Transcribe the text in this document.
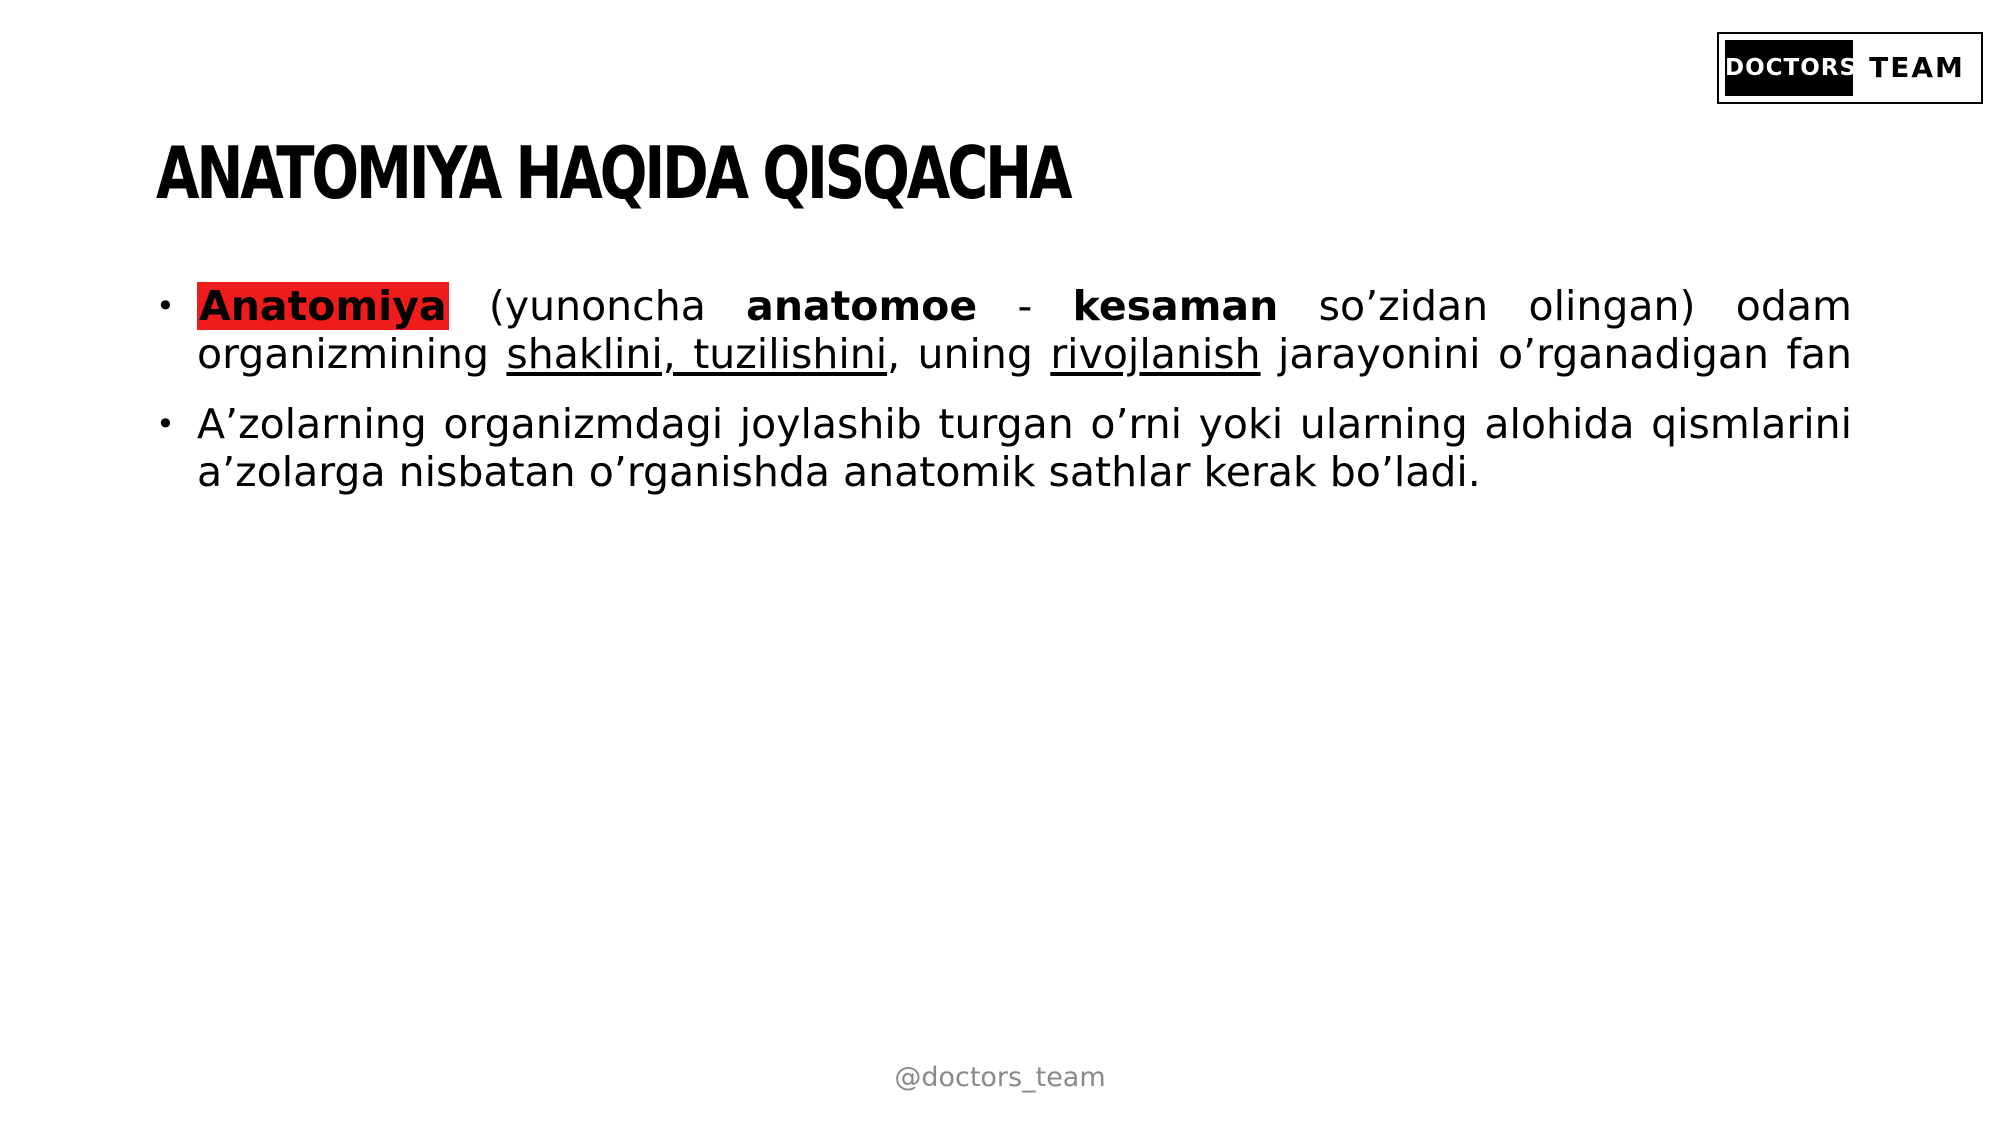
DOCTORS TEAM
ANATOMIYA HAQIDA QISQACHA
• Anatomiya (yunoncha anatomoe - kesaman so’zidan olingan) odam organizmining shaklini, tuzilishini, uning rivojlanish jarayonini o’rganadigan fan
• A’zolarning organizmdagi joylashib turgan o’rni yoki ularning alohida qismlarini a’zolarga nisbatan o’rganishda anatomik sathlar kerak bo’ladi.
@doctors_team
